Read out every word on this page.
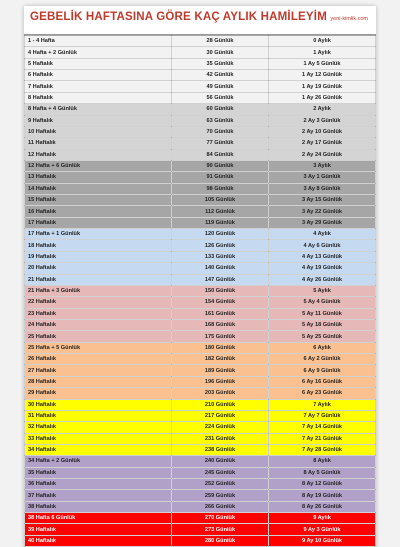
GEBELİK HAFTASINA GÖRE KAÇ AYLIK HAMİLEYİM yeni-kimlik.com
1 - 4 Hafta	28 Günlük	0 Aylık
4 Hafta + 2 Günlük	30 Günlük	1 Aylık
5 Haftalık	35 Günlük	1 Ay 5 Günlük
6 Haftalık	42 Günlük	1 Ay 12 Günlük
7 Haftalık	49 Günlük	1 Ay 19 Günlük
8 Haftalık	56 Günlük	1 Ay 26 Günlük
8 Hafta + 4 Günlük	60 Günlük	2 Aylık
9 Haftalık	63 Günlük	2 Ay 3 Günlük
10 Haftalık	70 Günlük	2 Ay 10 Günlük
11 Haftalık	77 Günlük	2 Ay 17 Günlük
12 Haftalık	84 Günlük	2 Ay 24 Günlük
12 Hafta + 6 Günlük	90 Günlük	3 Aylık
13 Haftalık	91 Günlük	3 Ay 1 Günlük
14 Haftalık	98 Günlük	3 Ay 8 Günlük
15 Haftalık	105 Günlük	3 Ay 15 Günlük
16 Haftalık	112 Günlük	3 Ay 22 Günlük
17 Haftalık	119 Günlük	3 Ay 29 Günlük
17 Hafta + 1 Günlük	120 Günlük	4 Aylık
18 Haftalık	126 Günlük	4 Ay 6 Günlük
19 Haftalık	133 Günlük	4 Ay 13 Günlük
20 Haftalık	140 Günlük	4 Ay 19 Günlük
21 Haftalık	147 Günlük	4 Ay 26 Günlük
21 Hafta + 3 Günlük	150 Günlük	5 Aylık
22 Haftalık	154 Günlük	5 Ay 4 Günlük
23 Haftalık	161 Günlük	5 Ay 11 Günlük
24 Haftalık	168 Günlük	5 Ay 18 Günlük
25 Haftalık	175 Günlük	5 Ay 25 Günlük
25 Hafta + 5 Günlük	180 Günlük	6 Aylık
26 Haftalık	182 Günlük	6 Ay 2 Günlük
27 Haftalık	189 Günlük	6 Ay 9 Günlük
28 Haftalık	196 Günlük	6 Ay 16 Günlük
29 Haftalık	203 Günlük	6 Ay 23 Günlük
30 Haftalık	210 Günlük	7 Aylık
31 Haftalık	217 Günlük	7 Ay 7 Günlük
32 Haftalık	224 Günlük	7 Ay 14 Günlük
33 Haftalık	231 Günlük	7 Ay 21 Günlük
34 Haftalık	238 Günlük	7 Ay 28 Günlük
34 Hafta + 2 Günlük	240 Günlük	8 Aylık
35 Haftalık	245 Günlük	8 Ay 5 Günlük
36 Haftalık	252 Günlük	8 Ay 12 Günlük
37 Haftalık	259 Günlük	8 Ay 19 Günlük
38 Haftalık	266 Günlük	8 Ay 26 Günlük
38 Hafta 6 Günlük	270 Günlük	9 Aylık
39 Haftalık	273 Günlük	9 Ay 3 Günlük
40 Haftalık	280 Günlük	9 Ay 10 Günlük
